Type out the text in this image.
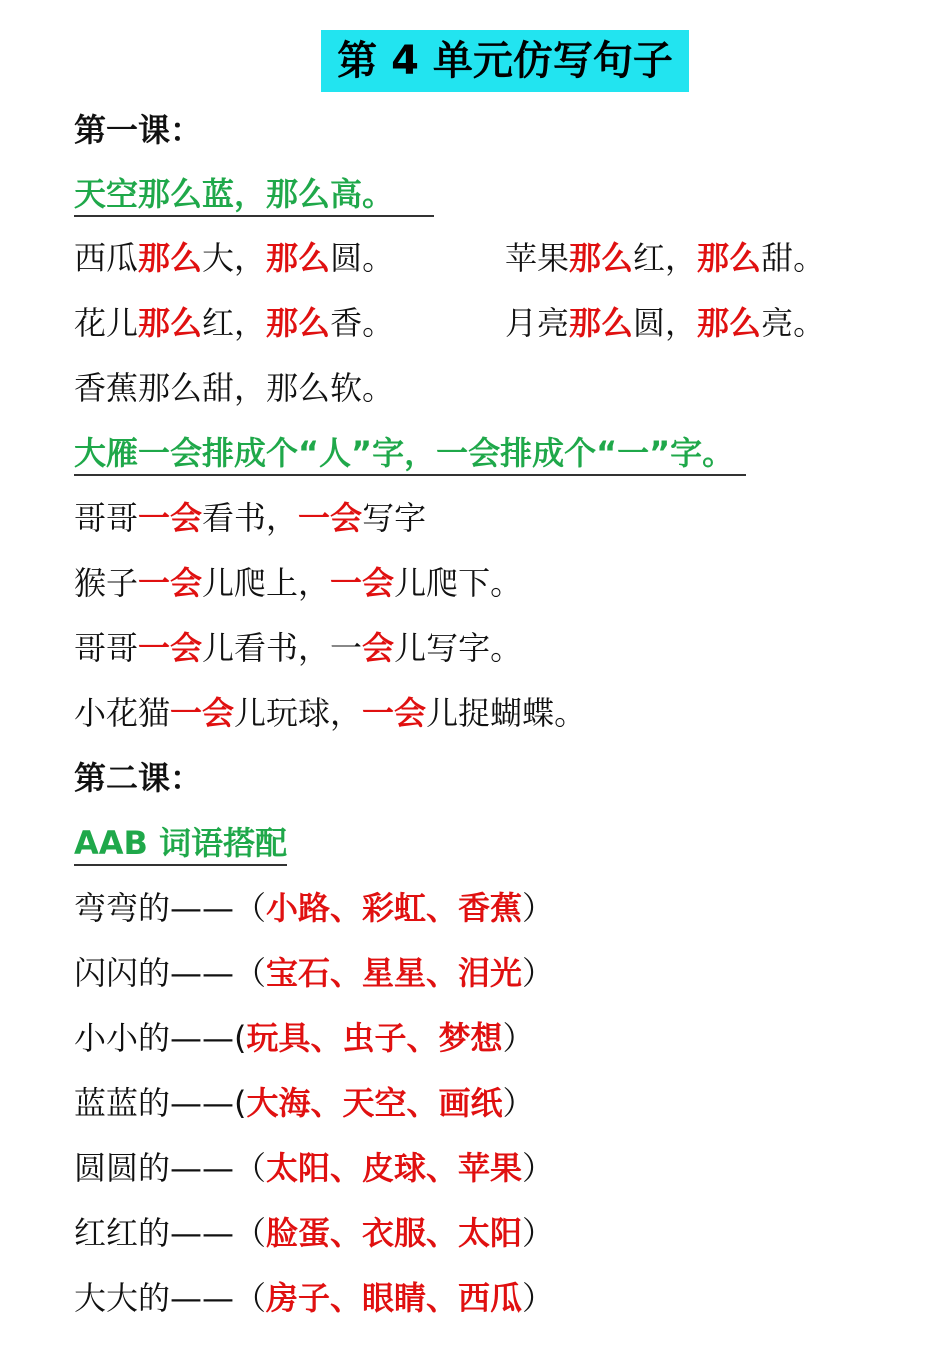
第 4 单元仿写句子
第一课：
天空那么蓝，那么高。
西瓜那么大，那么圆。	苹果那么红，那么甜。
花儿那么红，那么香。	月亮那么圆，那么亮。
香蕉那么甜，那么软。
大雁一会排成个“人”字，一会排成个“一”字。
哥哥一会看书，一会写字
猴子一会儿爬上，一会儿爬下。
哥哥一会儿看书，一会儿写字。
小花猫一会儿玩球，一会儿捉蝴蝶。
第二课：
AAB 词语搭配
弯弯的——（小路、彩虹、香蕉）
闪闪的——（宝石、星星、泪光）
小小的——(玩具、虫子、梦想）
蓝蓝的——(大海、天空、画纸）
圆圆的——（太阳、皮球、苹果）
红红的——（脸蛋、衣服、太阳）
大大的——（房子、眼睛、西瓜）
